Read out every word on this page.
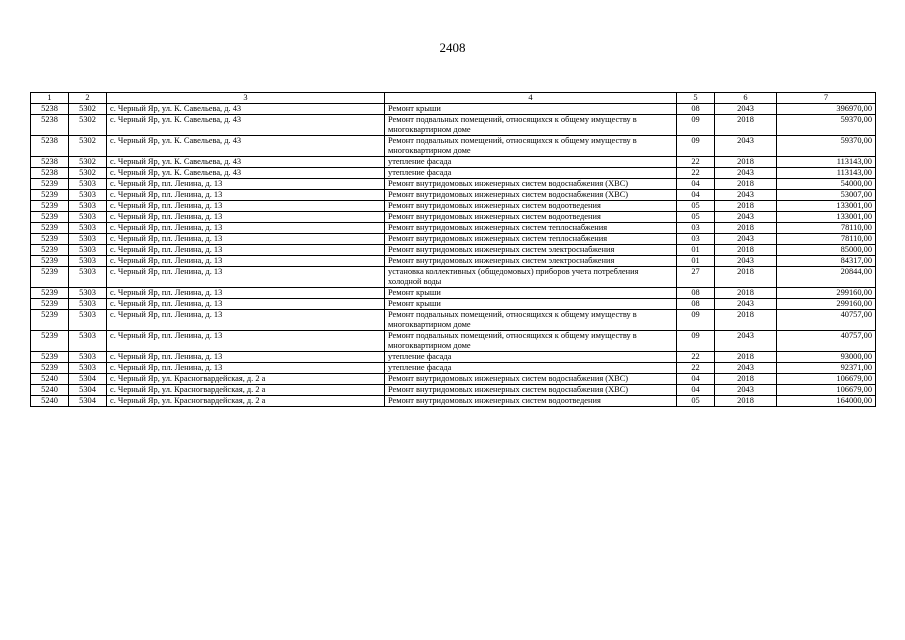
2408
1	2	3	4	5	6	7
5238	5302	с. Черный Яр, ул. К. Савельева, д. 43	Ремонт крыши	08	2043	396970,00
5238	5302	с. Черный Яр, ул. К. Савельева, д. 43	Ремонт подвальных помещений, относящихся к общему имуществу в многоквартирном доме	09	2018	59370,00
5238	5302	с. Черный Яр, ул. К. Савельева, д. 43	Ремонт подвальных помещений, относящихся к общему имуществу в многоквартирном доме	09	2043	59370,00
5238	5302	с. Черный Яр, ул. К. Савельева, д. 43	утепление фасада	22	2018	113143,00
5238	5302	с. Черный Яр, ул. К. Савельева, д. 43	утепление фасада	22	2043	113143,00
5239	5303	с. Черный Яр, пл. Ленина, д. 13	Ремонт внутридомовых инженерных систем водоснабжения (ХВС)	04	2018	54000,00
5239	5303	с. Черный Яр, пл. Ленина, д. 13	Ремонт внутридомовых инженерных систем водоснабжения (ХВС)	04	2043	53007,00
5239	5303	с. Черный Яр, пл. Ленина, д. 13	Ремонт внутридомовых инженерных систем водоотведения	05	2018	133001,00
5239	5303	с. Черный Яр, пл. Ленина, д. 13	Ремонт внутридомовых инженерных систем водоотведения	05	2043	133001,00
5239	5303	с. Черный Яр, пл. Ленина, д. 13	Ремонт внутридомовых инженерных систем теплоснабжения	03	2018	78110,00
5239	5303	с. Черный Яр, пл. Ленина, д. 13	Ремонт внутридомовых инженерных систем теплоснабжения	03	2043	78110,00
5239	5303	с. Черный Яр, пл. Ленина, д. 13	Ремонт внутридомовых инженерных систем электроснабжения	01	2018	85000,00
5239	5303	с. Черный Яр, пл. Ленина, д. 13	Ремонт внутридомовых инженерных систем электроснабжения	01	2043	84317,00
5239	5303	с. Черный Яр, пл. Ленина, д. 13	установка коллективных (общедомовых) приборов учета потребления холодной воды	27	2018	20844,00
5239	5303	с. Черный Яр, пл. Ленина, д. 13	Ремонт крыши	08	2018	299160,00
5239	5303	с. Черный Яр, пл. Ленина, д. 13	Ремонт крыши	08	2043	299160,00
5239	5303	с. Черный Яр, пл. Ленина, д. 13	Ремонт подвальных помещений, относящихся к общему имуществу в многоквартирном доме	09	2018	40757,00
5239	5303	с. Черный Яр, пл. Ленина, д. 13	Ремонт подвальных помещений, относящихся к общему имуществу в многоквартирном доме	09	2043	40757,00
5239	5303	с. Черный Яр, пл. Ленина, д. 13	утепление фасада	22	2018	93000,00
5239	5303	с. Черный Яр, пл. Ленина, д. 13	утепление фасада	22	2043	92371,00
5240	5304	с. Черный Яр, ул. Красногвардейская, д. 2 а	Ремонт внутридомовых инженерных систем водоснабжения (ХВС)	04	2018	106679,00
5240	5304	с. Черный Яр, ул. Красногвардейская, д. 2 а	Ремонт внутридомовых инженерных систем водоснабжения (ХВС)	04	2043	106679,00
5240	5304	с. Черный Яр, ул. Красногвардейская, д. 2 а	Ремонт внутридомовых инженерных систем водоотведения	05	2018	164000,00
